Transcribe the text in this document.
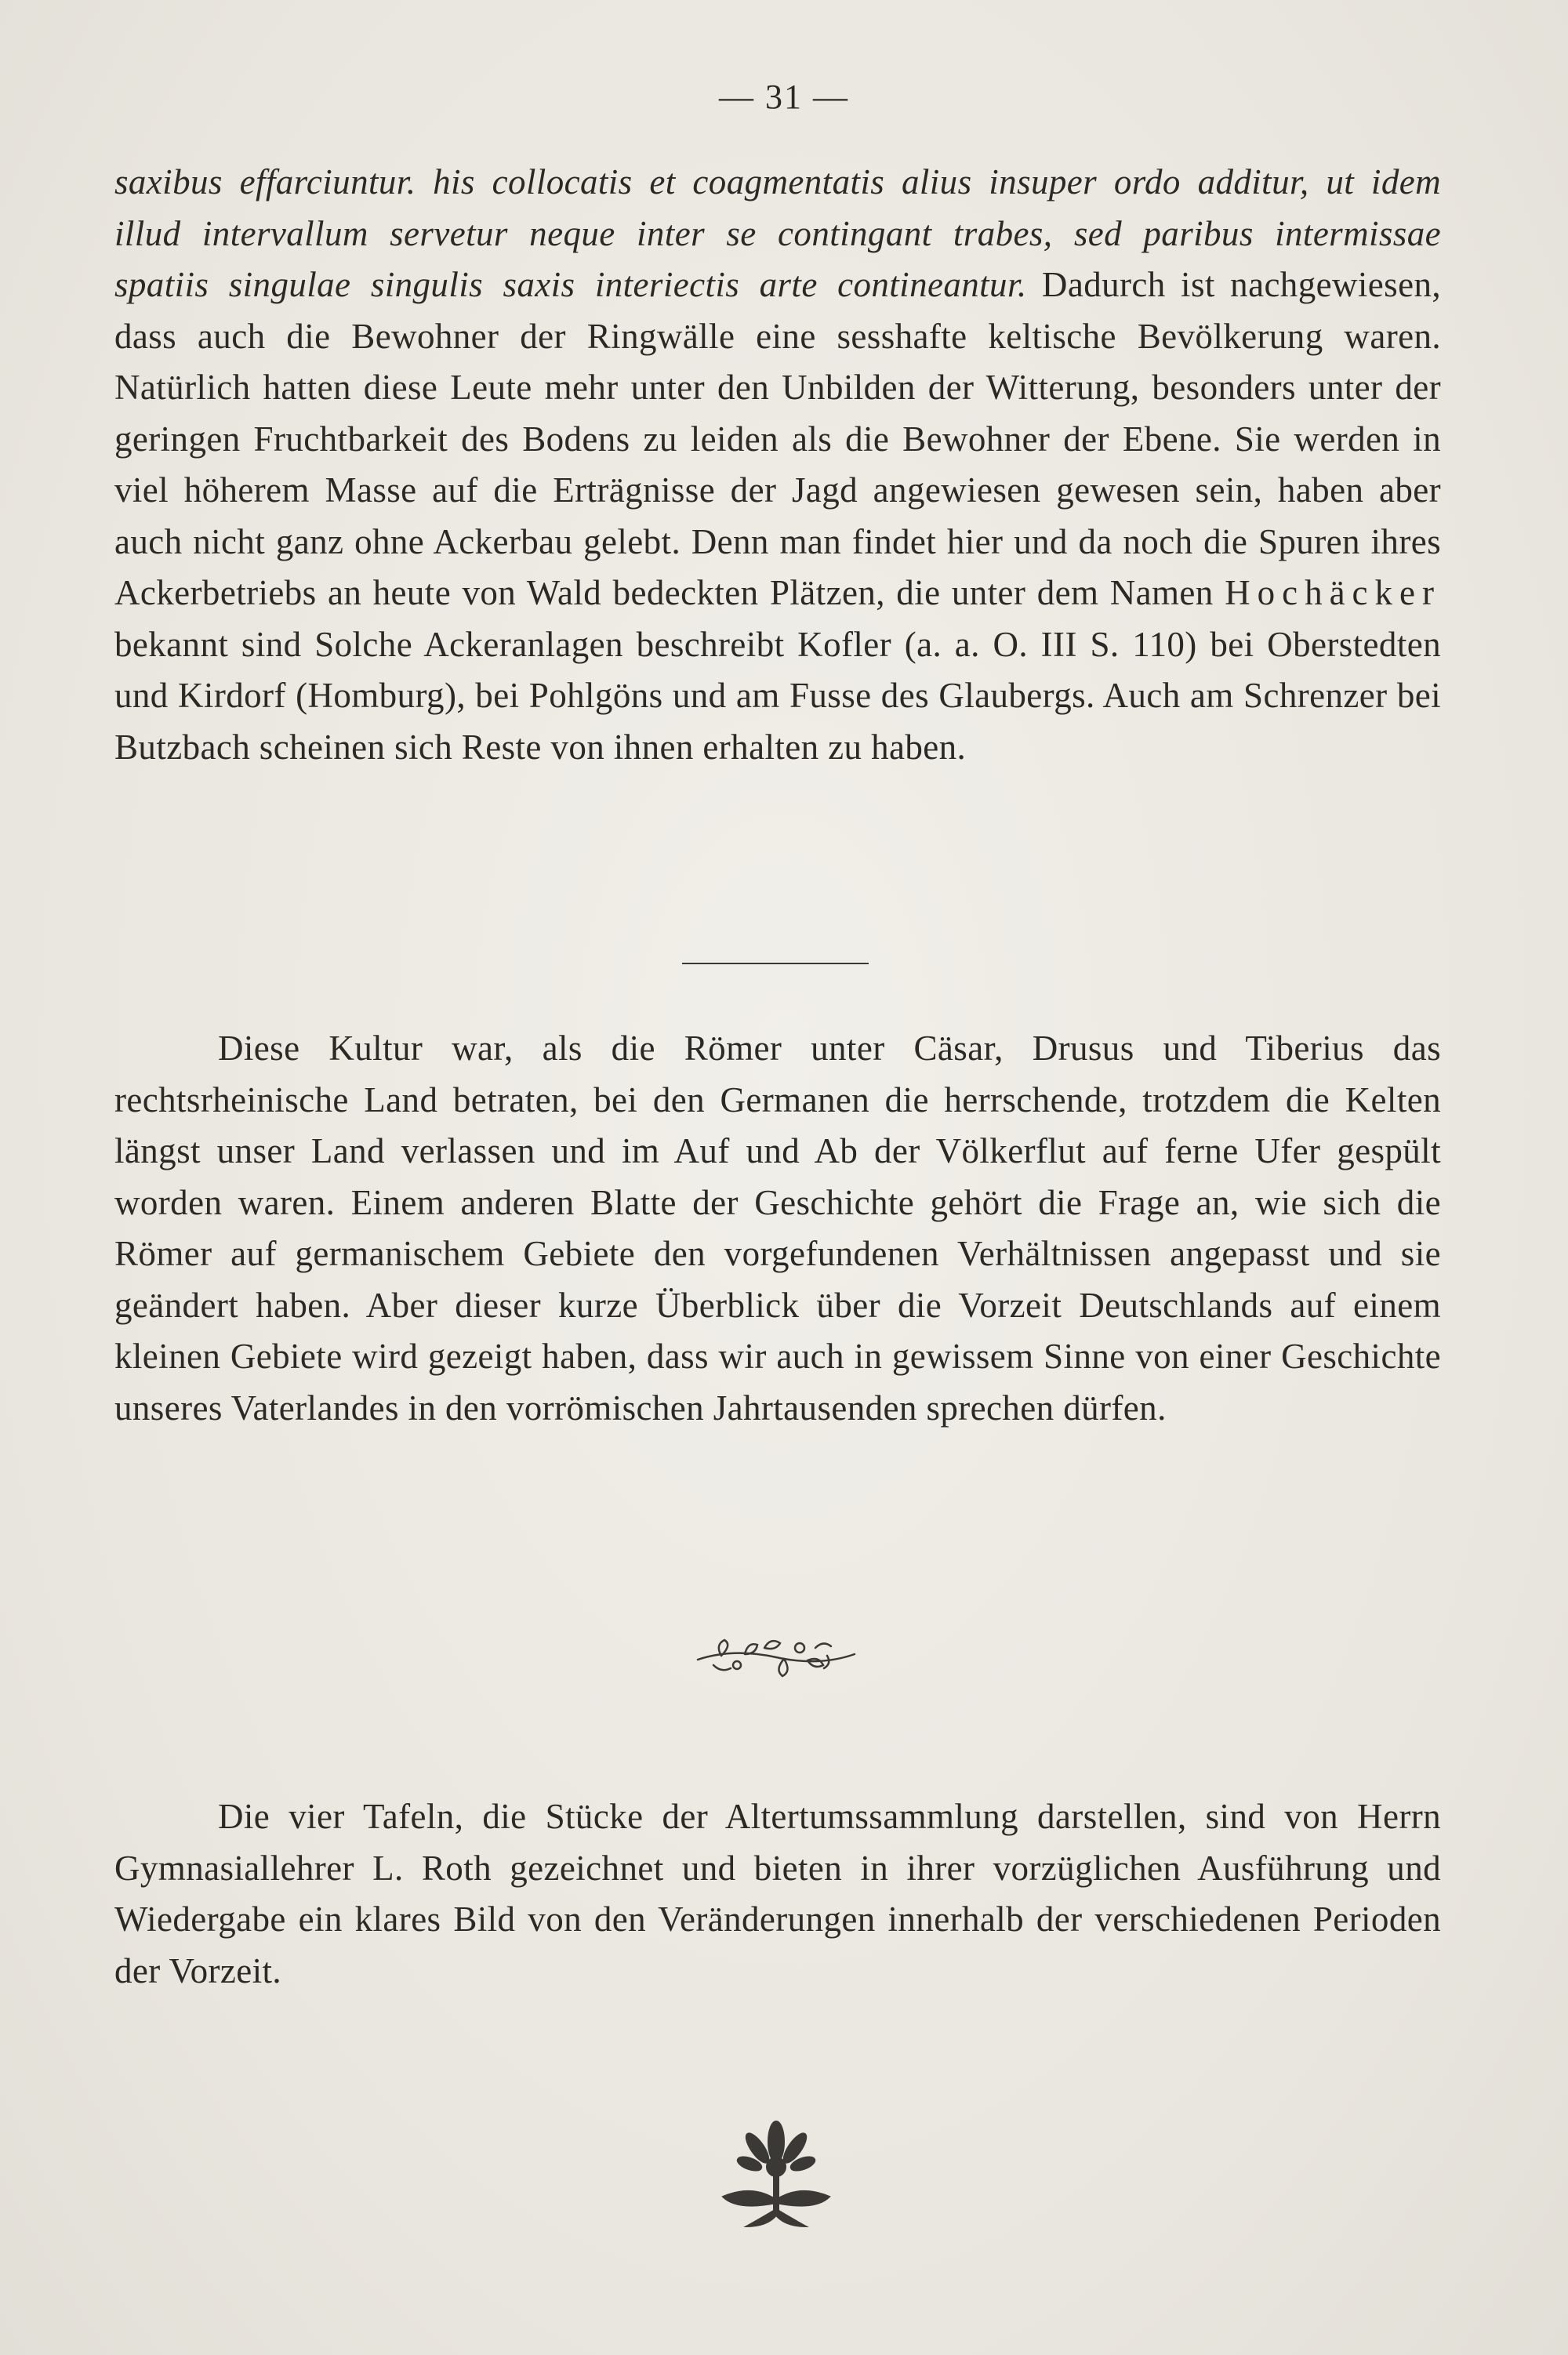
— 31 —

saxibus effarciuntur. his collocatis et coagmentatis alius insuper ordo additur, ut idem illud intervallum servetur neque inter se contingant trabes, sed paribus intermissae spatiis singulae singulis saxis interiectis arte contineantur. Dadurch ist nachgewiesen, dass auch die Bewohner der Ringwälle eine sesshafte keltische Bevölkerung waren. Natürlich hatten diese Leute mehr unter den Unbilden der Witterung, besonders unter der geringen Fruchtbarkeit des Bodens zu leiden als die Bewohner der Ebene. Sie werden in viel höherem Masse auf die Erträgnisse der Jagd angewiesen gewesen sein, haben aber auch nicht ganz ohne Ackerbau gelebt. Denn man findet hier und da noch die Spuren ihres Ackerbetriebs an heute von Wald bedeckten Plätzen, die unter dem Namen Hochäcker bekannt sind Solche Ackeranlagen beschreibt Kofler (a. a. O. III S. 110) bei Oberstedten und Kirdorf (Homburg), bei Pohlgöns und am Fusse des Glaubergs. Auch am Schrenzer bei Butzbach scheinen sich Reste von ihnen erhalten zu haben.

Diese Kultur war, als die Römer unter Cäsar, Drusus und Tiberius das rechtsrheinische Land betraten, bei den Germanen die herrschende, trotzdem die Kelten längst unser Land verlassen und im Auf und Ab der Völkerflut auf ferne Ufer gespült worden waren. Einem anderen Blatte der Geschichte gehört die Frage an, wie sich die Römer auf germanischem Gebiete den vorgefundenen Verhältnissen angepasst und sie geändert haben. Aber dieser kurze Überblick über die Vorzeit Deutschlands auf einem kleinen Gebiete wird gezeigt haben, dass wir auch in gewissem Sinne von einer Geschichte unseres Vaterlandes in den vorrömischen Jahrtausenden sprechen dürfen.

Die vier Tafeln, die Stücke der Altertumssammlung darstellen, sind von Herrn Gymnasiallehrer L. Roth gezeichnet und bieten in ihrer vorzüglichen Ausführung und Wiedergabe ein klares Bild von den Veränderungen innerhalb der verschiedenen Perioden der Vorzeit.
